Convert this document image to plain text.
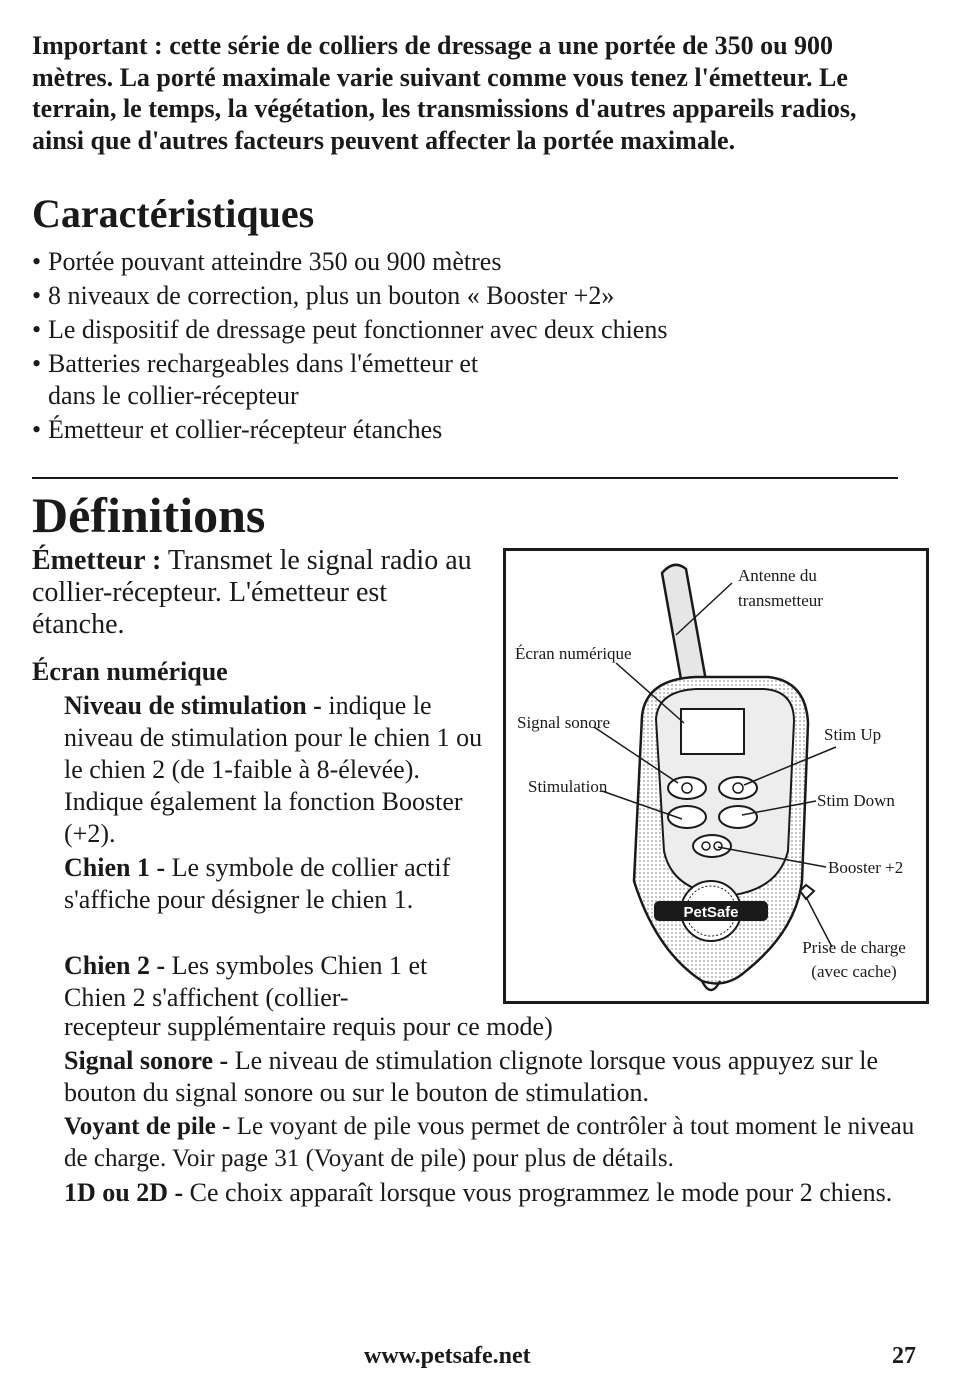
Important : cette série de colliers de dressage a une portée de 350 ou 900 mètres. La porté maximale varie suivant comme vous tenez l'émetteur. Le terrain, le temps, la végétation, les transmissions d'autres appareils radios, ainsi que d'autres facteurs peuvent affecter la portée maximale.
Caractéristiques
• Portée pouvant atteindre 350 ou 900 mètres
• 8 niveaux de correction, plus un bouton « Booster +2»
• Le dispositif de dressage peut fonctionner avec deux chiens
• Batteries rechargeables dans l'émetteur et
dans le collier-récepteur
• Émetteur et collier-récepteur étanches
Définitions
Émetteur : Transmet le signal radio au collier-récepteur. L'émetteur est étanche.
Écran numérique
Niveau de stimulation - indique le niveau de stimulation pour le chien 1 ou le chien 2 (de 1-faible à 8-élevée). Indique également la fonction Booster (+2).
Chien 1 - Le symbole de collier actif s'affiche pour désigner le chien 1.
Chien 2 - Les symboles Chien 1 et Chien 2 s'affichent (collier-
recepteur supplémentaire requis pour ce mode)
Signal sonore - Le niveau de stimulation clignote lorsque vous appuyez sur le bouton du signal sonore ou sur le bouton de stimulation.
Voyant de pile - Le voyant de pile vous permet de contrôler à tout moment le niveau de charge. Voir page 31 (Voyant de pile) pour plus de détails.
1D ou 2D - Ce choix apparaît lorsque vous programmez le mode pour 2 chiens.
PetSafe
Antenne du
transmetteur
Écran numérique
Signal sonore
Stimulation
Stim Up
Stim Down
Booster +2
Prise de charge
(avec cache)
www.petsafe.net	27
